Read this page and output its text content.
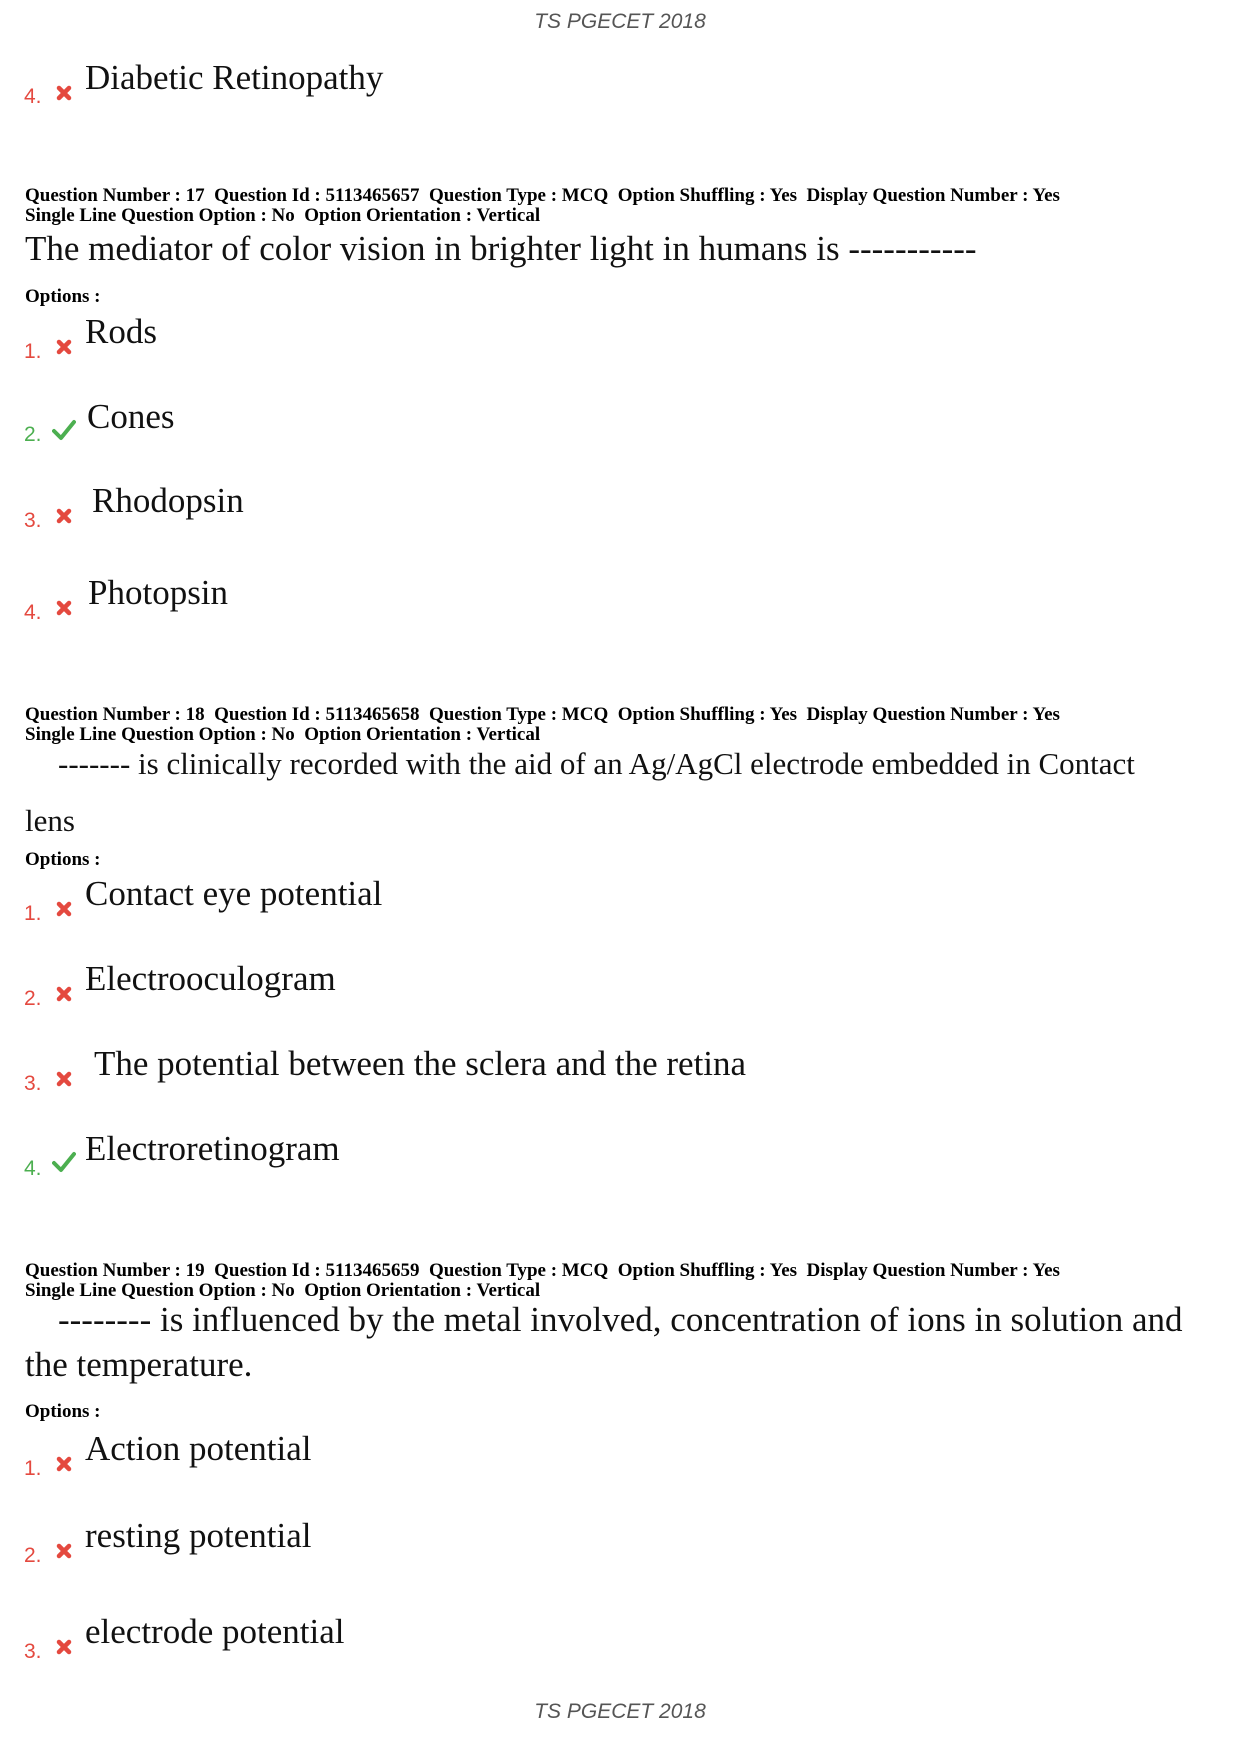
TS PGECET 2018
4. Diabetic Retinopathy
Question Number : 17  Question Id : 5113465657  Question Type : MCQ  Option Shuffling : Yes  Display Question Number : Yes
Single Line Question Option : No  Option Orientation : Vertical
The mediator of color vision in brighter light in humans is -----------
Options :
1.
Rods
2. Cones
3.
Rhodopsin
4.
Photopsin
Question Number : 18  Question Id : 5113465658  Question Type : MCQ  Option Shuffling : Yes  Display Question Number : Yes
Single Line Question Option : No  Option Orientation : Vertical
------- is clinically recorded with the aid of an Ag/AgCl electrode embedded in Contact
lens
Options :
1.
Contact eye potential
2.
Electrooculogram
3.
The potential between the sclera and the retina
4.
Electroretinogram
Question Number : 19  Question Id : 5113465659  Question Type : MCQ  Option Shuffling : Yes  Display Question Number : Yes
Single Line Question Option : No  Option Orientation : Vertical
-------- is influenced by the metal involved, concentration of ions in solution and
the temperature.
Options :
1.
Action potential
2.
resting potential
3.
electrode potential
TS PGECET 2018
